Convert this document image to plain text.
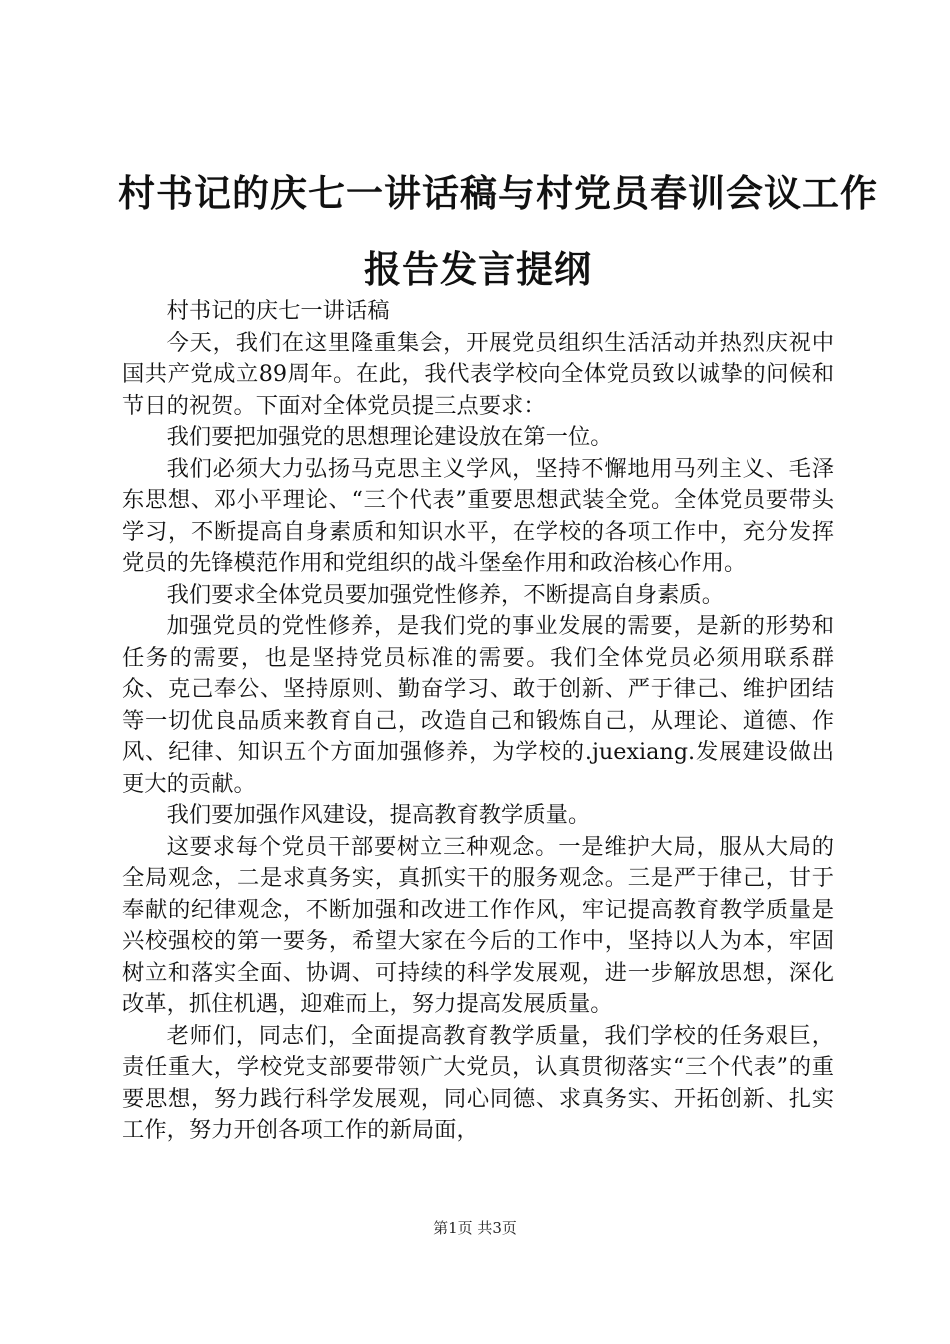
村书记的庆七一讲话稿与村党员春训会议工作
报告发言提纲

村书记的庆七一讲话稿

今天，我们在这里隆重集会，开展党员组织生活活动并热烈庆祝中国共产党成立89周年。在此，我代表学校向全体党员致以诚挚的问候和节日的祝贺。下面对全体党员提三点要求：

我们要把加强党的思想理论建设放在第一位。

我们必须大力弘扬马克思主义学风，坚持不懈地用马列主义、毛泽东思想、邓小平理论、“三个代表”重要思想武装全党。全体党员要带头学习，不断提高自身素质和知识水平，在学校的各项工作中，充分发挥党员的先锋模范作用和党组织的战斗堡垒作用和政治核心作用。

我们要求全体党员要加强党性修养，不断提高自身素质。

加强党员的党性修养，是我们党的事业发展的需要，是新的形势和任务的需要，也是坚持党员标准的需要。我们全体党员必须用联系群众、克己奉公、坚持原则、勤奋学习、敢于创新、严于律己、维护团结等一切优良品质来教育自己，改造自己和锻炼自己，从理论、道德、作风、纪律、知识五个方面加强修养，为学校的.juexiang.发展建设做出更大的贡献。

我们要加强作风建设，提高教育教学质量。

这要求每个党员干部要树立三种观念。一是维护大局，服从大局的全局观念，二是求真务实，真抓实干的服务观念。三是严于律己，甘于奉献的纪律观念，不断加强和改进工作作风，牢记提高教育教学质量是兴校强校的第一要务，希望大家在今后的工作中，坚持以人为本，牢固树立和落实全面、协调、可持续的科学发展观，进一步解放思想，深化改革，抓住机遇，迎难而上，努力提高发展质量。

老师们，同志们，全面提高教育教学质量，我们学校的任务艰巨，责任重大，学校党支部要带领广大党员，认真贯彻落实“三个代表”的重要思想，努力践行科学发展观，同心同德、求真务实、开拓创新、扎实工作，努力开创各项工作的新局面，

第1页 共3页
